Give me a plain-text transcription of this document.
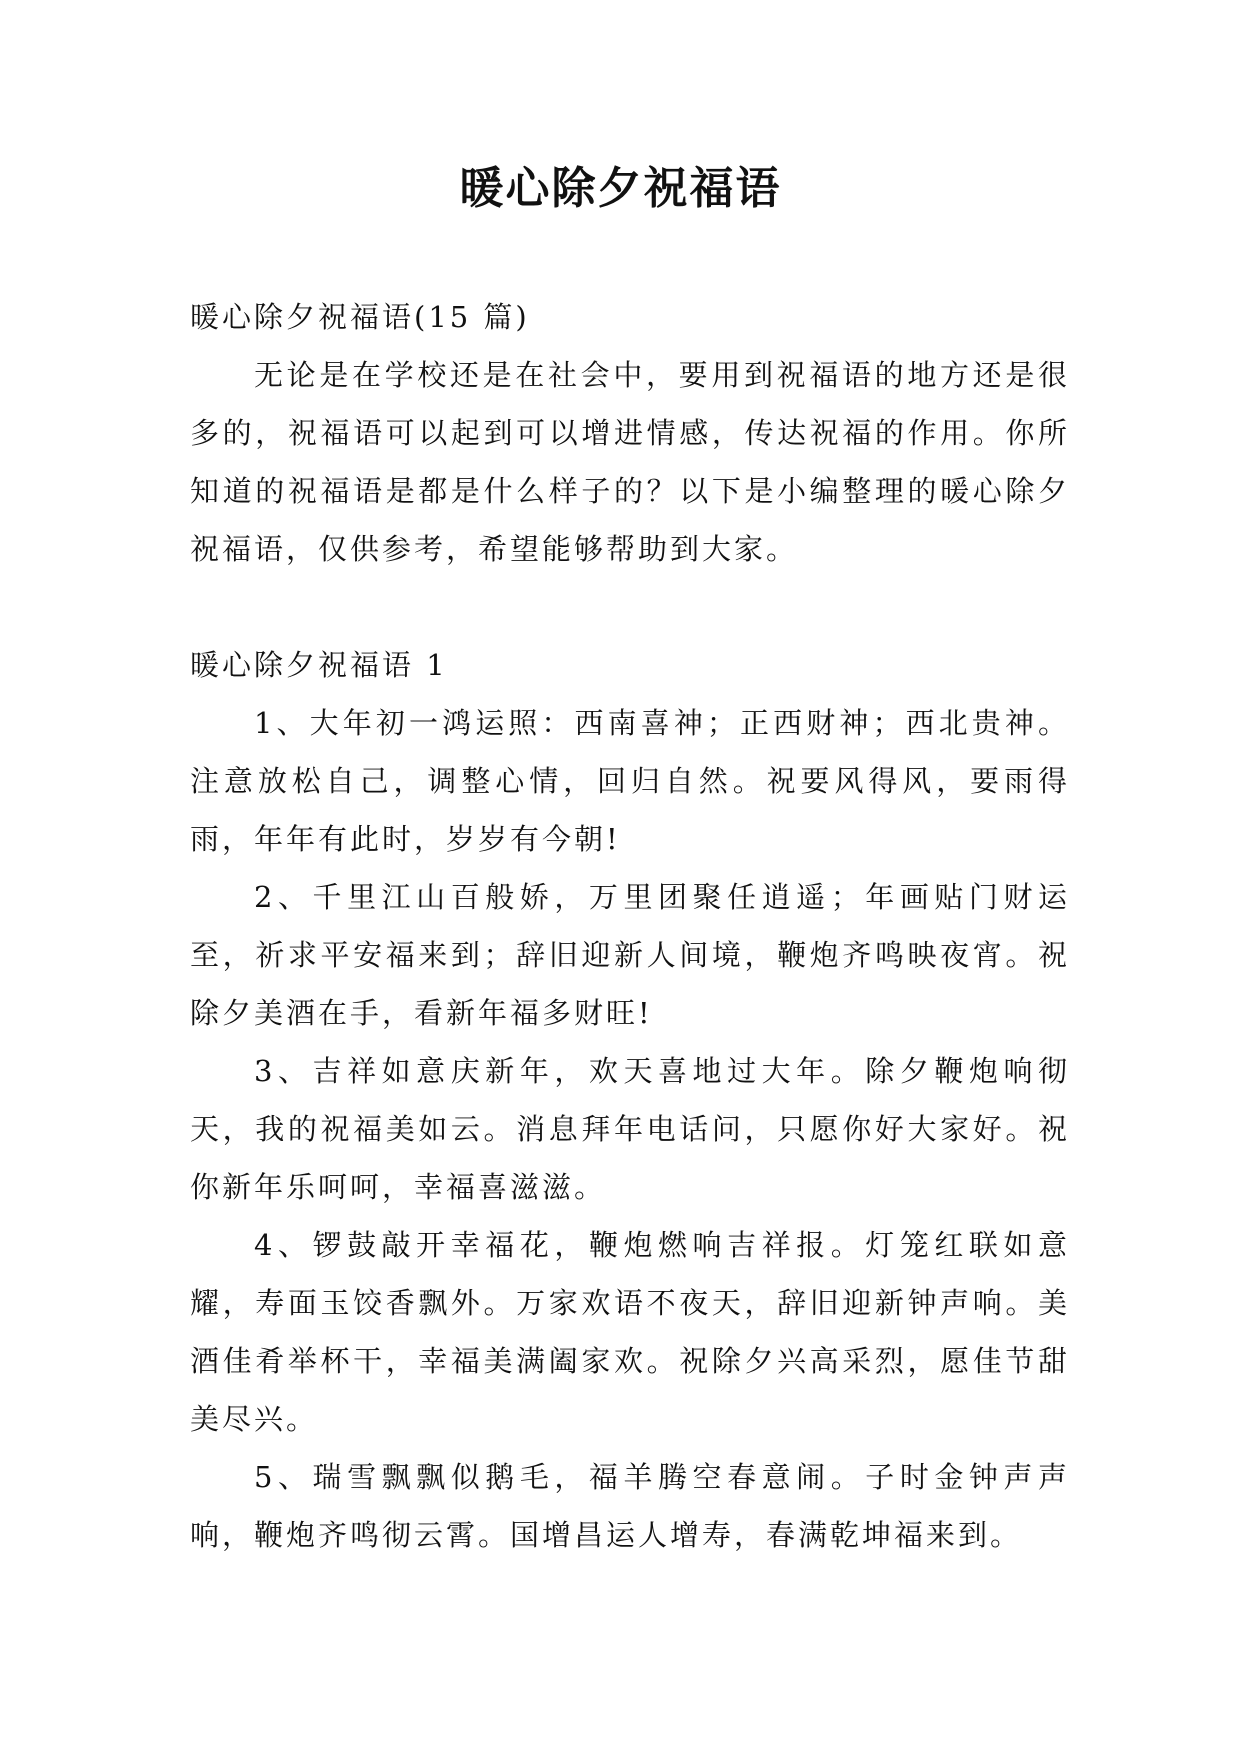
暖心除夕祝福语

暖心除夕祝福语(15 篇)

无论是在学校还是在社会中，要用到祝福语的地方还是很多的，祝福语可以起到可以增进情感，传达祝福的作用。你所知道的祝福语是都是什么样子的？以下是小编整理的暖心除夕祝福语，仅供参考，希望能够帮助到大家。

暖心除夕祝福语 1

1、大年初一鸿运照：西南喜神；正西财神；西北贵神。注意放松自己，调整心情，回归自然。祝要风得风，要雨得雨，年年有此时，岁岁有今朝!

2、千里江山百般娇，万里团聚任逍遥；年画贴门财运至，祈求平安福来到；辞旧迎新人间境，鞭炮齐鸣映夜宵。祝除夕美酒在手，看新年福多财旺!

3、吉祥如意庆新年，欢天喜地过大年。除夕鞭炮响彻天，我的祝福美如云。消息拜年电话问，只愿你好大家好。祝你新年乐呵呵，幸福喜滋滋。

4、锣鼓敲开幸福花，鞭炮燃响吉祥报。灯笼红联如意耀，寿面玉饺香飘外。万家欢语不夜天，辞旧迎新钟声响。美酒佳肴举杯干，幸福美满阖家欢。祝除夕兴高采烈，愿佳节甜美尽兴。

5、瑞雪飘飘似鹅毛，福羊腾空春意闹。子时金钟声声响，鞭炮齐鸣彻云霄。国增昌运人增寿，春满乾坤福来到。
